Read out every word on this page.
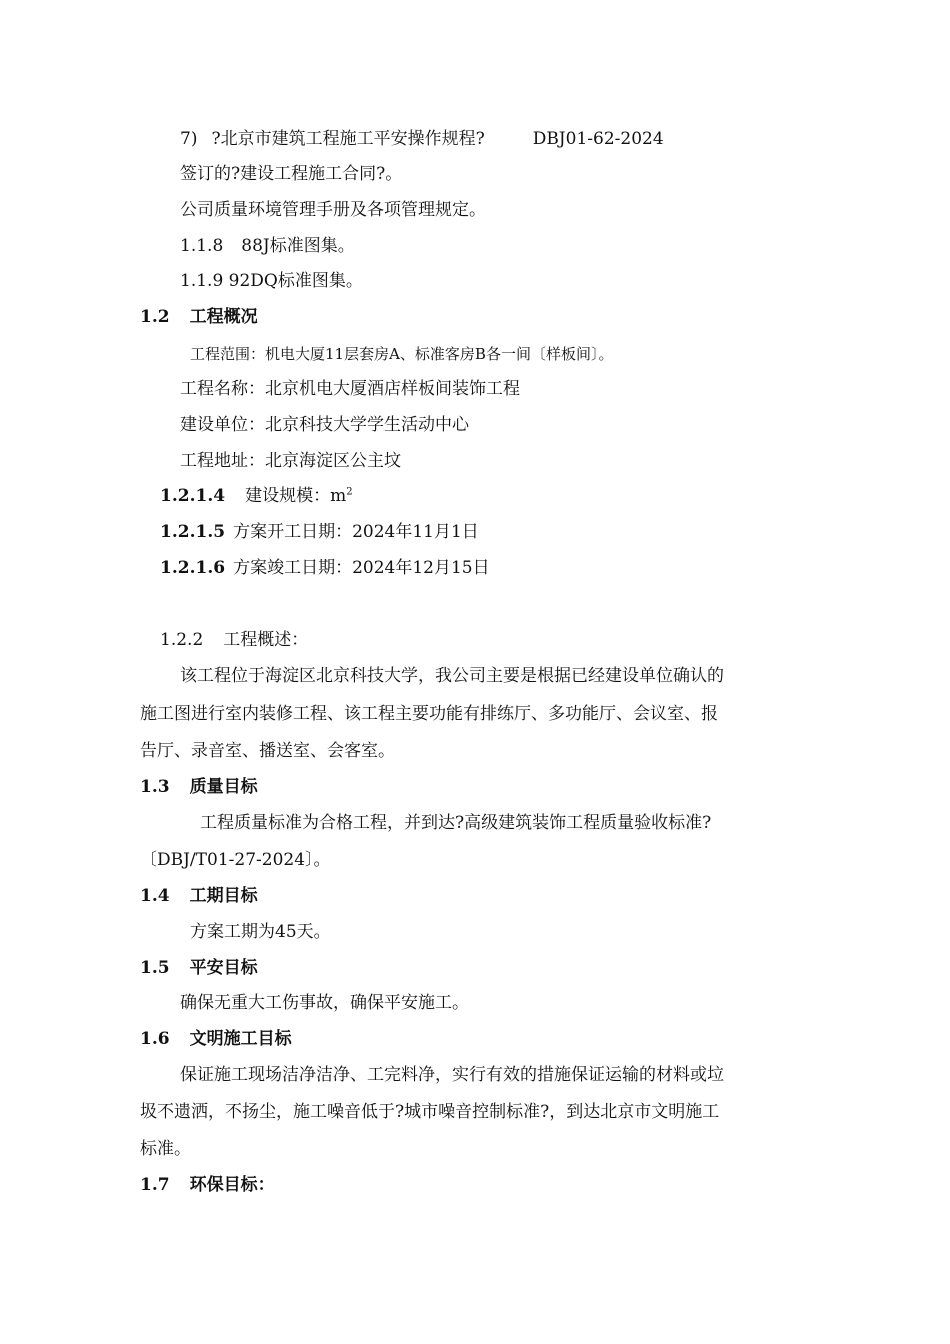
7) ?北京市建筑工程施工平安操作规程?	DBJ01-62-2024
签订的?建设工程施工合同?。
公司质量环境管理手册及各项管理规定。
1.1.8 88J标准图集。
1.1.9 92DQ标准图集。
1.2 工程概况
工程范围：机电大厦11层套房A、标准客房B各一间〔样板间〕。
工程名称：北京机电大厦酒店样板间装饰工程
建设单位：北京科技大学学生活动中心
工程地址：北京海淀区公主坟
1.2.1.4 建设规模：$m^2$
1.2.1.5 方案开工日期：2024年11月1日
1.2.1.6 方案竣工日期：2024年12月15日
1.2.2 工程概述：
该工程位于海淀区北京科技大学，我公司主要是根据已经建设单位确认的
施工图进行室内装修工程、该工程主要功能有排练厅、多功能厅、会议室、报
告厅、录音室、播送室、会客室。
1.3 质量目标
工程质量标准为合格工程，并到达?高级建筑装饰工程质量验收标准?
〔DBJ/T01-27-2024〕。
1.4 工期目标
方案工期为45天。
1.5 平安目标
确保无重大工伤事故，确保平安施工。
1.6 文明施工目标
保证施工现场洁净洁净、工完料净，实行有效的措施保证运输的材料或垃
圾不遗洒，不扬尘，施工噪音低于?城市噪音控制标准?，到达北京市文明施工
标准。
1.7 环保目标：
